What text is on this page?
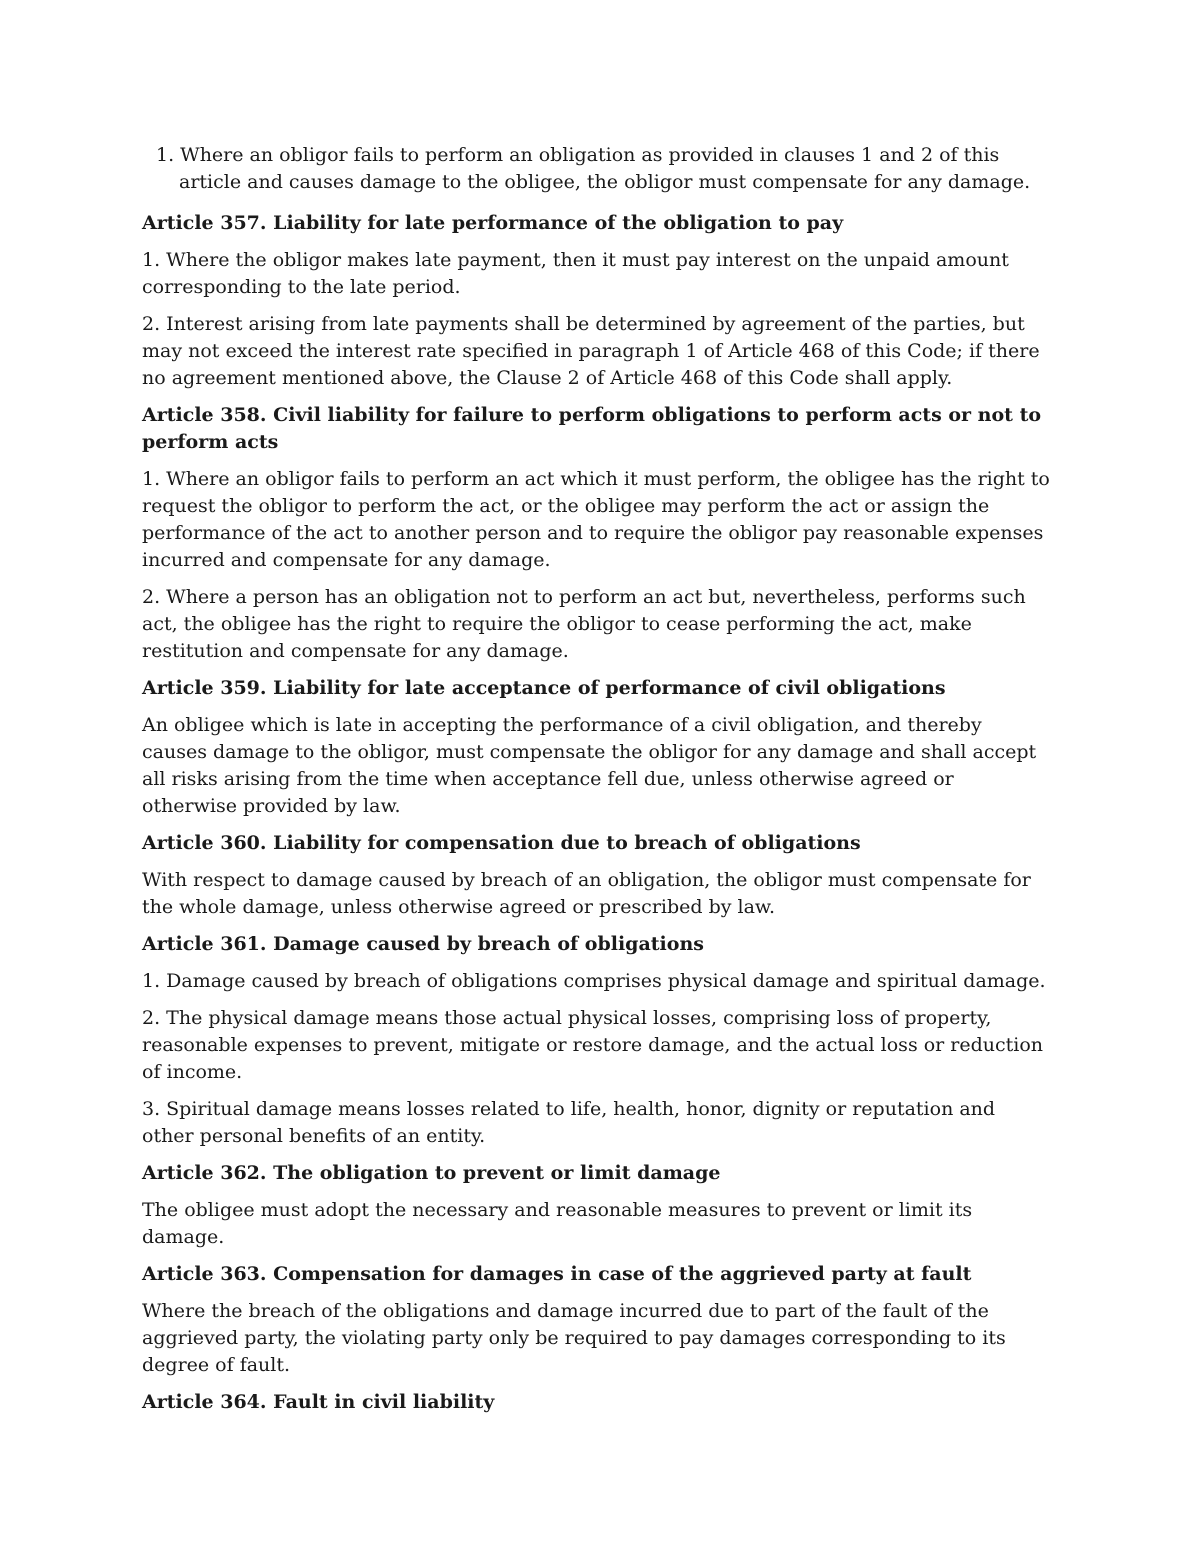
1. Where an obligor fails to perform an obligation as provided in clauses 1 and 2 of this article and causes damage to the obligee, the obligor must compensate for any damage.

Article 357. Liability for late performance of the obligation to pay

1. Where the obligor makes late payment, then it must pay interest on the unpaid amount corresponding to the late period.

2. Interest arising from late payments shall be determined by agreement of the parties, but may not exceed the interest rate specified in paragraph 1 of Article 468 of this Code; if there no agreement mentioned above, the Clause 2 of Article 468 of this Code shall apply.

Article 358. Civil liability for failure to perform obligations to perform acts or not to perform acts

1. Where an obligor fails to perform an act which it must perform, the obligee has the right to request the obligor to perform the act, or the obligee may perform the act or assign the performance of the act to another person and to require the obligor pay reasonable expenses incurred and compensate for any damage.

2. Where a person has an obligation not to perform an act but, nevertheless, performs such act, the obligee has the right to require the obligor to cease performing the act, make restitution and compensate for any damage.

Article 359. Liability for late acceptance of performance of civil obligations

An obligee which is late in accepting the performance of a civil obligation, and thereby causes damage to the obligor, must compensate the obligor for any damage and shall accept all risks arising from the time when acceptance fell due, unless otherwise agreed or otherwise provided by law.

Article 360. Liability for compensation due to breach of obligations

With respect to damage caused by breach of an obligation, the obligor must compensate for the whole damage, unless otherwise agreed or prescribed by law.

Article 361. Damage caused by breach of obligations

1. Damage caused by breach of obligations comprises physical damage and spiritual damage.

2. The physical damage means those actual physical losses, comprising loss of property, reasonable expenses to prevent, mitigate or restore damage, and the actual loss or reduction of income.

3. Spiritual damage means losses related to life, health, honor, dignity or reputation and other personal benefits of an entity.

Article 362. The obligation to prevent or limit damage

The obligee must adopt the necessary and reasonable measures to prevent or limit its damage.

Article 363. Compensation for damages in case of the aggrieved party at fault

Where the breach of the obligations and damage incurred due to part of the fault of the aggrieved party, the violating party only be required to pay damages corresponding to its degree of fault.

Article 364. Fault in civil liability
